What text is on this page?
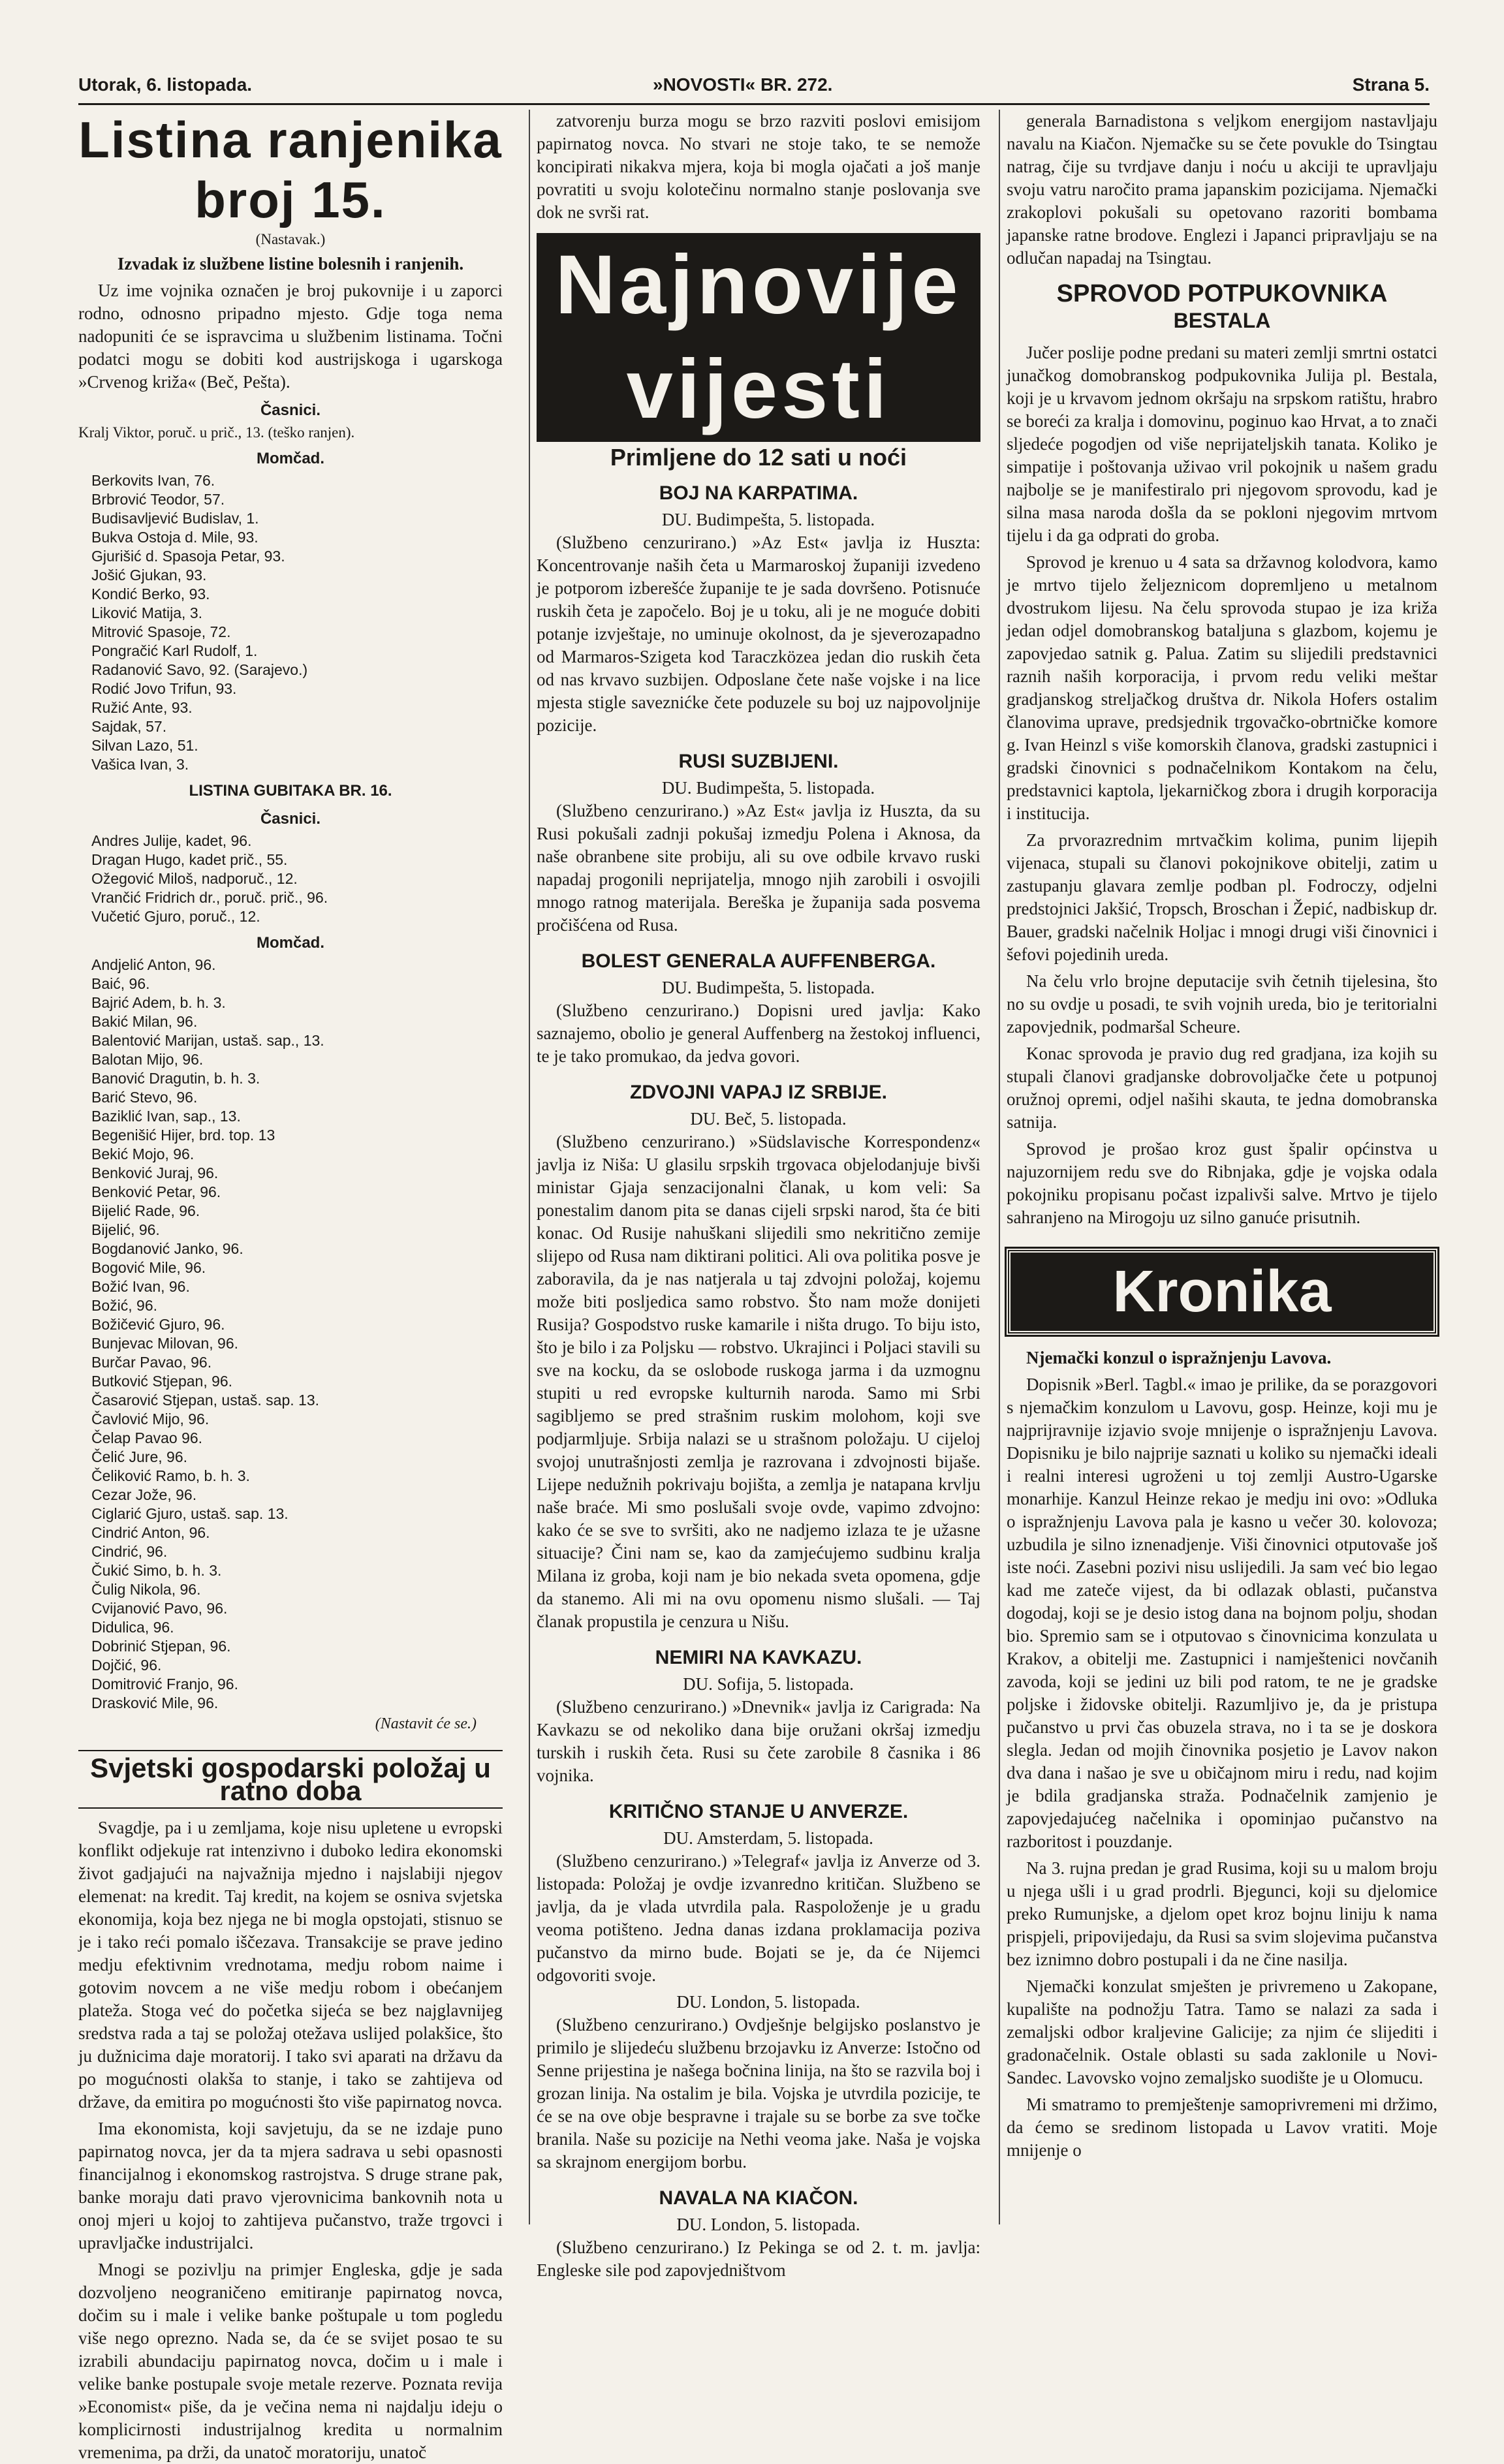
Utorak, 6. listopada.	»NOVOSTI« BR. 272.	Strana 5.
Listina ranjenika broj 15.

(Nastavak.)

Izvadak iz službene listine bolesnih i ranjenih.

Uz ime vojnika označen je broj pukovnije i u zaporci rodno, odnosno pripadno mjesto. Gdje toga nema nadopuniti će se ispravcima u službenim listinama. Točni podatci mogu se dobiti kod austrijskoga i ugarskoga »Crvenog križa« (Beč, Pešta).

Časnici.

Kralj Viktor, poruč. u prič., 13. (teško ranjen).

Momčad.
Berkovits Ivan, 76.
Brbrović Teodor, 57.
Budisavljević Budislav, 1.
Bukva Ostoja d. Mile, 93.
Gjurišić d. Spasoja Petar, 93.
Jošić Gjukan, 93.
Kondić Berko, 93.
Liković Matija, 3.
Mitrović Spasoje, 72.
Pongračić Karl Rudolf, 1.
Radanović Savo, 92. (Sarajevo.)
Rodić Jovo Trifun, 93.
Ružić Ante, 93.
Sajdak, 57.
Silvan Lazo, 51.
Vašica Ivan, 3.
LISTINA GUBITAKA BR. 16.
Časnici.
Andres Julije, kadet, 96.
Dragan Hugo, kadet prič., 55.
Ožegović Miloš, nadporuč., 12.
Vrančić Fridrich dr., poruč. prič., 96.
Vučetić Gjuro, poruč., 12.
Momčad.
Andjelić Anton, 96.
Baić, 96.
Bajrić Adem, b. h. 3.
Bakić Milan, 96.
Balentović Marijan, ustaš. sap., 13.
Balotan Mijo, 96.
Banović Dragutin, b. h. 3.
Barić Stevo, 96.
Baziklić Ivan, sap., 13.
Begenišić Hijer, brd. top. 13
Bekić Mojo, 96.
Benković Juraj, 96.
Benković Petar, 96.
Bijelić Rade, 96.
Bijelić, 96.
Bogdanović Janko, 96.
Bogović Mile, 96.
Božić Ivan, 96.
Božić, 96.
Božičević Gjuro, 96.
Bunjevac Milovan, 96.
Burčar Pavao, 96.
Butković Stjepan, 96.
Časarović Stjepan, ustaš. sap. 13.
Čavlović Mijo, 96.
Čelap Pavao 96.
Čelić Jure, 96.
Čeliković Ramo, b. h. 3.
Cezar Jože, 96.
Ciglarić Gjuro, ustaš. sap. 13.
Cindrić Anton, 96.
Cindrić, 96.
Čukić Simo, b. h. 3.
Čulig Nikola, 96.
Cvijanović Pavo, 96.
Didulica, 96.
Dobrinić Stjepan, 96.
Dojčić, 96.
Domitrović Franjo, 96.
Drasković Mile, 96.
(Nastavit će se.)
Svjetski gospodarski položaj u ratno doba

Svagdje, pa i u zemljama, koje nisu upletene u evropski konflikt odjekuje rat intenzivno i duboko ledira ekonomski život gadjajući na najvažnija mjedno i najslabiji njegov elemenat: na kredit. Taj kredit, na kojem se osniva svjetska ekonomija, koja bez njega ne bi mogla opstojati, stisnuo se je i tako reći pomalo iščezava. Transakcije se prave jedino medju efektivnim vrednotama, medju robom naime i gotovim novcem a ne više medju robom i obećanjem plateža. Stoga već do početka sijeća se bez najglavnijeg sredstva rada a taj se položaj otežava uslijed polakšice, što ju dužnicima daje moratorij. I tako svi aparati na državu da po mogućnosti olakša to stanje, i tako se zahtijeva od države, da emitira po mogućnosti što više papirnatog novca.

Ima ekonomista, koji savjetuju, da se ne izdaje puno papirnatog novca, jer da ta mjera sadrava u sebi opasnosti financijalnog i ekonomskog rastrojstva. S druge strane pak, banke moraju dati pravo vjerovnicima bankovnih nota u onoj mjeri u kojoj to zahtijeva pučanstvo, traže trgovci i upravljačke industrijalci.

Mnogi se pozivlju na primjer Engleska, gdje je sada dozvoljeno neograničeno emitiranje papirnatog novca, dočim su i male i velike banke poštupale u tom pogledu više nego oprezno. Nada se, da će se svijet posao te su izrabili abundaciju papirnatog novca, dočim u i male i velike banke postupale svoje metale rezerve. Poznata revija »Economist« piše, da je večina nema ni najdalju ideju o komplicirnosti industrijalnog kredita u normalnim vremenima, pa drži, da unatoč moratoriju, unatoč

zatvorenju burza mogu se brzo razviti poslovi emisijom papirnatog novca. No stvari ne stoje tako, te se nemože koncipirati nikakva mjera, koja bi mogla ojačati a još manje povratiti u svoju kolotečinu normalno stanje poslovanja sve dok ne svrši rat.

Najnovije vijesti
Primljene do 12 sati u noći
BOJ NA KARPATIMA.

DU. Budimpešta, 5. listopada.

(Službeno cenzurirano.) »Az Est« javlja iz Huszta: Koncentrovanje naših četa u Marmaroskoj županiji izvedeno je potporom izberešće županije te je sada dovršeno. Potisnuće ruskih četa je započelo. Boj je u toku, ali je ne moguće dobiti potanje izvještaje, no uminuje okolnost, da je sjeverozapadno od Marmaros-Szigeta kod Taraczközea jedan dio ruskih četa od nas krvavo suzbijen. Odposlane čete naše vojske i na lice mjesta stigle saveznićke čete poduzele su boj uz najpovoljnije pozicije.

RUSI SUZBIJENI.

DU. Budimpešta, 5. listopada.

(Službeno cenzurirano.) »Az Est« javlja iz Huszta, da su Rusi pokušali zadnji pokušaj izmedju Polena i Aknosa, da naše obranbene site probiju, ali su ove odbile krvavo ruski napadaj progonili neprijatelja, mnogo njih zarobili i osvojili mnogo ratnog materijala. Bereška je županija sada posvema pročišćena od Rusa.

BOLEST GENERALA AUFFENBERGA.

DU. Budimpešta, 5. listopada.

(Službeno cenzurirano.) Dopisni ured javlja: Kako saznajemo, obolio je general Auffenberg na žestokoj influenci, te je tako promukao, da jedva govori.

ZDVOJNI VAPAJ IZ SRBIJE.

DU. Beč, 5. listopada.

(Službeno cenzurirano.) »Südslavische Korrespondenz« javlja iz Niša: U glasilu srpskih trgovaca objelodanjuje bivši ministar Gjaja senzacijonalni članak, u kom veli: Sa ponestalim danom pita se danas cijeli srpski narod, šta će biti konac. Od Rusije nahuškani slijedili smo nekritično zemije slijepo od Rusa nam diktirani politici. Ali ova politika posve je zaboravila, da je nas natjerala u taj zdvojni položaj, kojemu može biti posljedica samo robstvo. Što nam može donijeti Rusija? Gospodstvo ruske kamarile i ništa drugo. To biju isto, što je bilo i za Poljsku — robstvo. Ukrajinci i Poljaci stavili su sve na kocku, da se oslobode ruskoga jarma i da uzmognu stupiti u red evropske kulturnih naroda. Samo mi Srbi sagibljemo se pred strašnim ruskim molohom, koji sve podjarmljuje. Srbija nalazi se u strašnom položaju. U cijeloj svojoj unutrašnjosti zemlja je razrovana i zdvojnosti bijaše. Lijepe nedužnih pokrivaju bojišta, a zemlja je natapana krvlju naše braće. Mi smo poslušali svoje ovde, vapimo zdvojno: kako će se sve to svršiti, ako ne nadjemo izlaza te je užasne situacije? Čini nam se, kao da zamjećujemo sudbinu kralja Milana iz groba, koji nam je bio nekada sveta opomena, gdje da stanemo. Ali mi na ovu opomenu nismo slušali. — Taj članak propustila je cenzura u Nišu.

NEMIRI NA KAVKAZU.

DU. Sofija, 5. listopada.

(Službeno cenzurirano.) »Dnevnik« javlja iz Carigrada: Na Kavkazu se od nekoliko dana bije oružani okršaj izmedju turskih i ruskih četa. Rusi su čete zarobile 8 časnika i 86 vojnika.

KRITIČNO STANJE U ANVERZE.

DU. Amsterdam, 5. listopada.

(Službeno cenzurirano.) »Telegraf« javlja iz Anverze od 3. listopada: Položaj je ovdje izvanredno kritičan. Službeno se javlja, da je vlada utvrdila pala. Raspoloženje je u gradu veoma potišteno. Jedna danas izdana proklamacija poziva pučanstvo da mirno bude. Bojati se je, da će Nijemci odgovoriti svoje.

DU. London, 5. listopada.

(Službeno cenzurirano.) Ovdješnje belgijsko poslanstvo je primilo je slijedeću službenu brzojavku iz Anverze: Istočno od Senne prijestina je našega bočnina linija, na što se razvila boj i grozan linija. Na ostalim je bila. Vojska je utvrdila pozicije, te će se na ove obje bespravne i trajale su se borbe za sve točke branila. Naše su pozicije na Nethi veoma jake. Naša je vojska sa skrajnom energijom borbu.

NAVALA NA KIAČON.

DU. London, 5. listopada.

(Službeno cenzurirano.) Iz Pekinga se od 2. t. m. javlja: Engleske sile pod zapovjedništvom

generala Barnadistona s veljkom energijom nastavljaju navalu na Kiačon. Njemačke su se čete povukle do Tsingtau natrag, čije su tvrdjave danju i noću u akciji te upravljaju svoju vatru naročito prama japanskim pozicijama. Njemački zrakoplovi pokušali su opetovano razoriti bombama japanske ratne brodove. Englezi i Japanci pripravljaju se na odlučan napadaj na Tsingtau.

SPROVOD POTPUKOVNIKA
BESTALA

Jučer poslije podne predani su materi zemlji smrtni ostatci junačkog domobranskog podpukovnika Julija pl. Bestala, koji je u krvavom jednom okršaju na srpskom ratištu, hrabro se boreći za kralja i domovinu, poginuo kao Hrvat, a to znači sljedeće pogodjen od više neprijateljskih tanata. Koliko je simpatije i poštovanja uživao vril pokojnik u našem gradu najbolje se je manifestiralo pri njegovom sprovodu, kad je silna masa naroda došla da se pokloni njegovim mrtvom tijelu i da ga odprati do groba.

Sprovod je krenuo u 4 sata sa državnog kolodvora, kamo je mrtvo tijelo željeznicom dopremljeno u metalnom dvostrukom lijesu. Na čelu sprovoda stupao je iza križa jedan odjel domobranskog bataljuna s glazbom, kojemu je zapovjedao satnik g. Palua. Zatim su slijedili predstavnici raznih naših korporacija, i prvom redu veliki meštar gradjanskog streljačkog društva dr. Nikola Hofers ostalim članovima uprave, predsjednik trgovačko-obrtničke komore g. Ivan Heinzl s više komorskih članova, gradski zastupnici i gradski činovnici s podnačelnikom Kontakom na čelu, predstavnici kaptola, ljekarničkog zbora i drugih korporacija i institucija.

Za prvorazrednim mrtvačkim kolima, punim lijepih vijenaca, stupali su članovi pokojnikove obitelji, zatim u zastupanju glavara zemlje podban pl. Fodroczy, odjelni predstojnici Jakšić, Tropsch, Broschan i Žepić, nadbiskup dr. Bauer, gradski načelnik Holjac i mnogi drugi viši činovnici i šefovi pojedinih ureda.

Na čelu vrlo brojne deputacije svih četnih tijelesina, što no su ovdje u posadi, te svih vojnih ureda, bio je teritorialni zapovjednik, podmaršal Scheure.

Konac sprovoda je pravio dug red gradjana, iza kojih su stupali članovi gradjanske dobrovoljačke čete u potpunoj oružnoj opremi, odjel našihi skauta, te jedna domobranska satnija.

Sprovod je prošao kroz gust špalir općinstva u najuzornijem redu sve do Ribnjaka, gdje je vojska odala pokojniku propisanu počast izpalivši salve. Mrtvo je tijelo sahranjeno na Mirogoju uz silno ganuće prisutnih.

Kronika

Njemački konzul o ispražnjenju Lavova.

Dopisnik »Berl. Tagbl.« imao je prilike, da se porazgovori s njemačkim konzulom u Lavovu, gosp. Heinze, koji mu je najprijravnije izjavio svoje mnijenje o ispražnjenju Lavova. Dopisniku je bilo najprije saznati u koliko su njemački ideali i realni interesi ugroženi u toj zemlji Austro-Ugarske monarhije. Kanzul Heinze rekao je medju ini ovo: »Odluka o ispražnjenju Lavova pala je kasno u večer 30. kolovoza; uzbudila je silno iznenadjenje. Viši činovnici otputovaše još iste noći. Zasebni pozivi nisu uslijedili. Ja sam već bio legao kad me zateče vijest, da bi odlazak oblasti, pučanstva dogodaj, koji se je desio istog dana na bojnom polju, shodan bio. Spremio sam se i otputovao s činovnicima konzulata u Krakov, a obitelji me. Zastupnici i namještenici novčanih zavoda, koji se jedini uz bili pod ratom, te ne je gradske poljske i židovske obitelji. Razumljivo je, da je pristupa pučanstvo u prvi čas obuzela strava, no i ta se je doskora slegla. Jedan od mojih činovnika posjetio je Lavov nakon dva dana i našao je sve u običajnom miru i redu, nad kojim je bdila gradjanska straža. Podnačelnik zamjenio je zapovjedajućeg načelnika i opominjao pučanstvo na razboritost i pouzdanje.

Na 3. rujna predan je grad Rusima, koji su u malom broju u njega ušli i u grad prodrli. Bjegunci, koji su djelomice preko Rumunjske, a djelom opet kroz bojnu liniju k nama prispjeli, pripovijedaju, da Rusi sa svim slojevima pučanstva bez iznimno dobro postupali i da ne čine nasilja.

Njemački konzulat smješten je privremeno u Zakopane, kupalište na podnožju Tatra. Tamo se nalazi za sada i zemaljski odbor kraljevine Galicije; za njim će slijediti i gradonačelnik. Ostale oblasti su sada zaklonile u Novi-Sandec. Lavovsko vojno zemaljsko suodište je u Olomucu.

Mi smatramo to premještenje samoprivremeni mi držimo, da ćemo se sredinom listopada u Lavov vratiti. Moje mnijenje o
